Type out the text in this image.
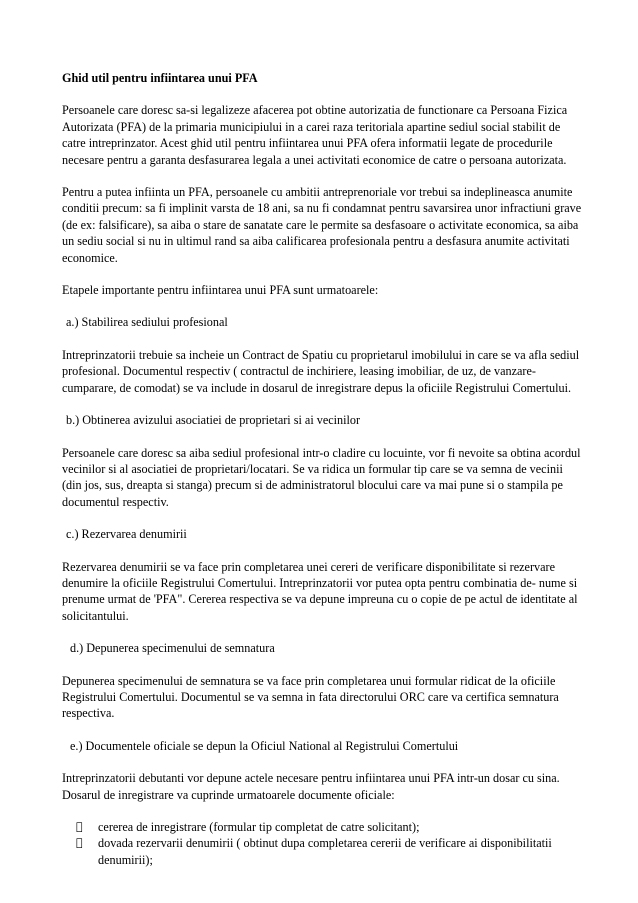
Ghid util pentru infiintarea unui PFA

Persoanele care doresc sa-si legalizeze afacerea pot obtine autorizatia de functionare ca Persoana Fizica Autorizata (PFA) de la primaria municipiului in a carei raza teritoriala apartine sediul social stabilit de catre intreprinzator. Acest ghid util pentru infiintarea unui PFA ofera informatii legate de procedurile necesare pentru a garanta desfasurarea legala a unei activitati economice de catre o persoana autorizata.

Pentru a putea infiinta un PFA, persoanele cu ambitii antreprenoriale vor trebui sa indeplineasca anumite conditii precum: sa fi implinit varsta de 18 ani, sa nu fi condamnat pentru savarsirea unor infractiuni grave (de ex: falsificare), sa aiba o stare de sanatate care le permite sa desfasoare o activitate economica, sa aiba un sediu social si nu in ultimul rand sa aiba calificarea profesionala pentru a desfasura anumite activitati economice.

Etapele importante pentru infiintarea unui PFA sunt urmatoarele:

a.) Stabilirea sediului profesional

Intreprinzatorii trebuie sa incheie un Contract de Spatiu cu proprietarul imobilului in care se va afla sediul profesional. Documentul respectiv ( contractul de inchiriere, leasing imobiliar, de uz, de vanzare-cumparare, de comodat) se va include in dosarul de inregistrare depus la oficiile Registrului Comertului.

b.) Obtinerea avizului asociatiei de proprietari si ai vecinilor

Persoanele care doresc sa aiba sediul profesional intr-o cladire cu locuinte, vor fi nevoite sa obtina acordul vecinilor si al asociatiei de proprietari/locatari. Se va ridica un formular tip care se va semna de vecinii (din jos, sus, dreapta si stanga) precum si de administratorul blocului care va mai pune si o stampila pe documentul respectiv.

c.) Rezervarea denumirii

Rezervarea denumirii se va face prin completarea unei cereri de verificare disponibilitate si rezervare denumire la oficiile Registrului Comertului. Intreprinzatorii vor putea opta pentru combinatia de- nume si prenume urmat de 'PFA". Cererea respectiva se va depune impreuna cu o copie de pe actul de identitate al solicitantului.

d.) Depunerea specimenului de semnatura

Depunerea specimenului de semnatura se va face prin completarea unui formular ridicat de la oficiile Registrului Comertului. Documentul se va semna in fata directorului ORC care va certifica semnatura respectiva.

e.) Documentele oficiale se depun la Oficiul National al Registrului Comertului

Intreprinzatorii debutanti vor depune actele necesare pentru infiintarea unui PFA intr-un dosar cu sina. Dosarul de inregistrare va cuprinde urmatoarele documente oficiale:

cererea de inregistrare (formular tip completat de catre solicitant);
dovada rezervarii denumirii ( obtinut dupa completarea cererii de verificare ai disponibilitatii denumirii);
